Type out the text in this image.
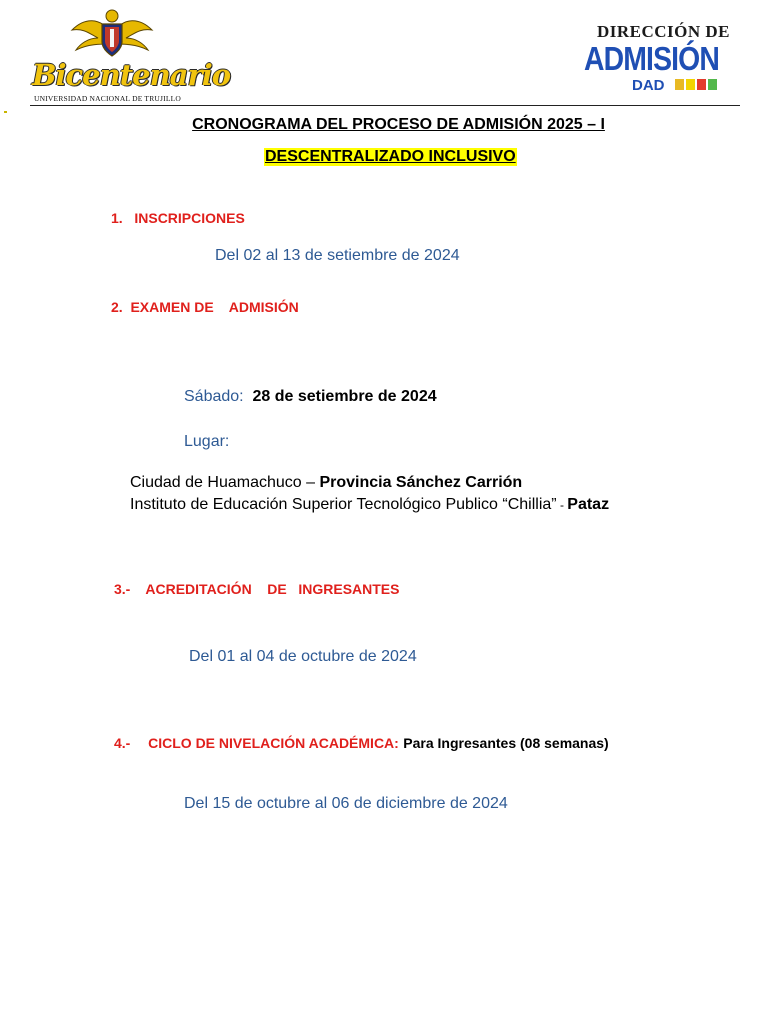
Bicentenario
UNIVERSIDAD NACIONAL DE TRUJILLO
DIRECCIÓN DE
ADMISIÓN
DAD
CRONOGRAMA DEL PROCESO DE ADMISIÓN 2025 – I
DESCENTRALIZADO INCLUSIVO
1. INSCRIPCIONES
Del 02 al 13 de setiembre de 2024
2. EXAMEN DE    ADMISIÓN
Sábado: 28 de setiembre de 2024
Lugar:
Ciudad de Huamachuco – Provincia Sánchez Carrión
Instituto de Educación Superior Tecnológico Publico “Chillia” - Pataz
3.- ACREDITACIÓN    DE   INGRESANTES
Del 01 al 04 de octubre de 2024
4.- CICLO DE NIVELACIÓN ACADÉMICA: Para Ingresantes (08 semanas)
Del 15 de octubre al 06 de diciembre de 2024
